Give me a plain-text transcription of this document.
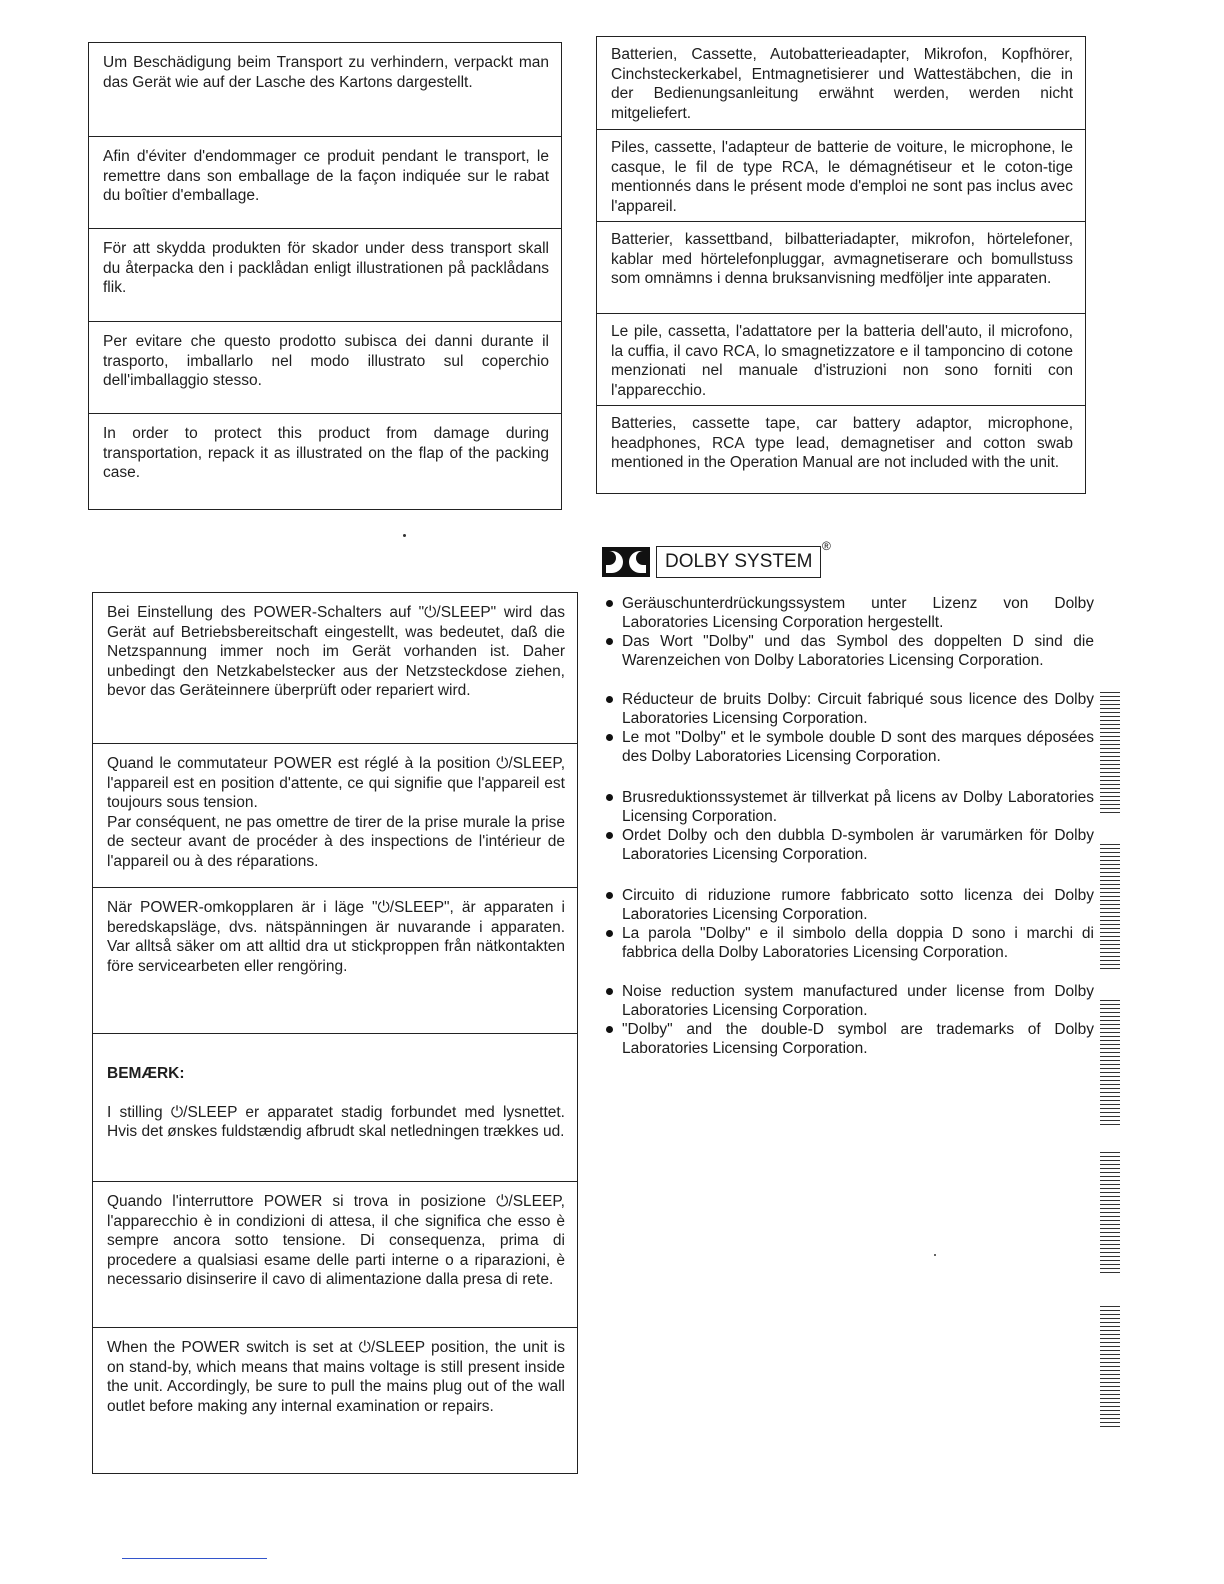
Um Beschädigung beim Transport zu verhindern, verpackt man das Gerät wie auf der Lasche des Kartons dargestellt.
Afin d'éviter d'endommager ce produit pendant le transport, le remettre dans son emballage de la façon indiquée sur le rabat du boîtier d'emballage.
För att skydda produkten för skador under dess transport skall du återpacka den i packlådan enligt illustrationen på packlådans flik.
Per evitare che questo prodotto subisca dei danni durante il trasporto, imballarlo nel modo illustrato sul coperchio dell'imballaggio stesso.
In order to protect this product from damage during transportation, repack it as illustrated on the flap of the packing case.
Batterien, Cassette, Autobatterieadapter, Mikrofon, Kopfhörer, Cinchsteckerkabel, Entmagnetisierer und Wattestäbchen, die in der Bedienungsanleitung erwähnt werden, werden nicht mitgeliefert.
Piles, cassette, l'adapteur de batterie de voiture, le microphone, le casque, le fil de type RCA, le démagnétiseur et le coton-tige mentionnés dans le présent mode d'emploi ne sont pas inclus avec l'appareil.
Batterier, kassettband, bilbatteriadapter, mikrofon, hörtelefoner, kablar med hörtelefonpluggar, avmagnetiserare och bomullstuss som omnämns i denna bruksanvisning medföljer inte apparaten.
Le pile, cassetta, l'adattatore per la batteria dell'auto, il microfono, la cuffia, il cavo RCA, lo smagnetizzatore e il tamponcino di cotone menzionati nel manuale d'istruzioni non sono forniti con l'apparecchio.
Batteries, cassette tape, car battery adaptor, microphone, headphones, RCA type lead, demagnetiser and cotton swab mentioned in the Operation Manual are not included with the unit.
Bei Einstellung des POWER-Schalters auf "⏻/SLEEP" wird das Gerät auf Betriebsbereitschaft eingestellt, was bedeutet, daß die Netzspannung immer noch im Gerät vorhanden ist. Daher unbedingt den Netzkabelstecker aus der Netzsteckdose ziehen, bevor das Geräteinnere überprüft oder repariert wird.
Quand le commutateur POWER est réglé à la position ⏻/SLEEP, l'appareil est en position d'attente, ce qui signifie que l'appareil est toujours sous tension.
Par conséquent, ne pas omettre de tirer de la prise murale la prise de secteur avant de procéder à des inspections de l'intérieur de l'appareil ou à des réparations.
När POWER-omkopplaren är i läge "⏻/SLEEP", är apparaten i beredskapsläge, dvs. nätspänningen är nuvarande i apparaten. Var alltså säker om att alltid dra ut stickproppen från nätkontakten före servicearbeten eller rengöring.

BEMÆRK:

I stilling ⏻/SLEEP er apparatet stadig forbundet med lysnettet. Hvis det ønskes fuldstændig afbrudt skal netledningen trækkes ud.

Quando l'interruttore POWER si trova in posizione ⏻/SLEEP, l'apparecchio è in condizioni di attesa, il che significa che esso è sempre ancora sotto tensione. Di consequenza, prima di procedere a qualsiasi esame delle parti interne o a riparazioni, è necessario disinserire il cavo di alimentazione dalla presa di rete.
When the POWER switch is set at ⏻/SLEEP position, the unit is on stand-by, which means that mains voltage is still present inside the unit. Accordingly, be sure to pull the mains plug out of the wall outlet before making any internal examination or repairs.
DOLBY SYSTEM
®
Geräuschunterdrückungssystem unter Lizenz von Dolby Laboratories Licensing Corporation hergestellt.
Das Wort "Dolby" und das Symbol des doppelten D sind die Warenzeichen von Dolby Laboratories Licensing Corporation.
Réducteur de bruits Dolby: Circuit fabriqué sous licence des Dolby Laboratories Licensing Corporation.
Le mot "Dolby" et le symbole double D sont des marques déposées des Dolby Laboratories Licensing Corporation.
Brusreduktionssystemet är tillverkat på licens av Dolby Laboratories Licensing Corporation.
Ordet Dolby och den dubbla D-symbolen är varumärken för Dolby Laboratories Licensing Corporation.
Circuito di riduzione rumore fabbricato sotto licenza dei Dolby Laboratories Licensing Corporation.
La parola "Dolby" e il simbolo della doppia D sono i marchi di fabbrica della Dolby Laboratories Licensing Corporation.
Noise reduction system manufactured under license from Dolby Laboratories Licensing Corporation.
"Dolby" and the double-D symbol are trademarks of Dolby Laboratories Licensing Corporation.
